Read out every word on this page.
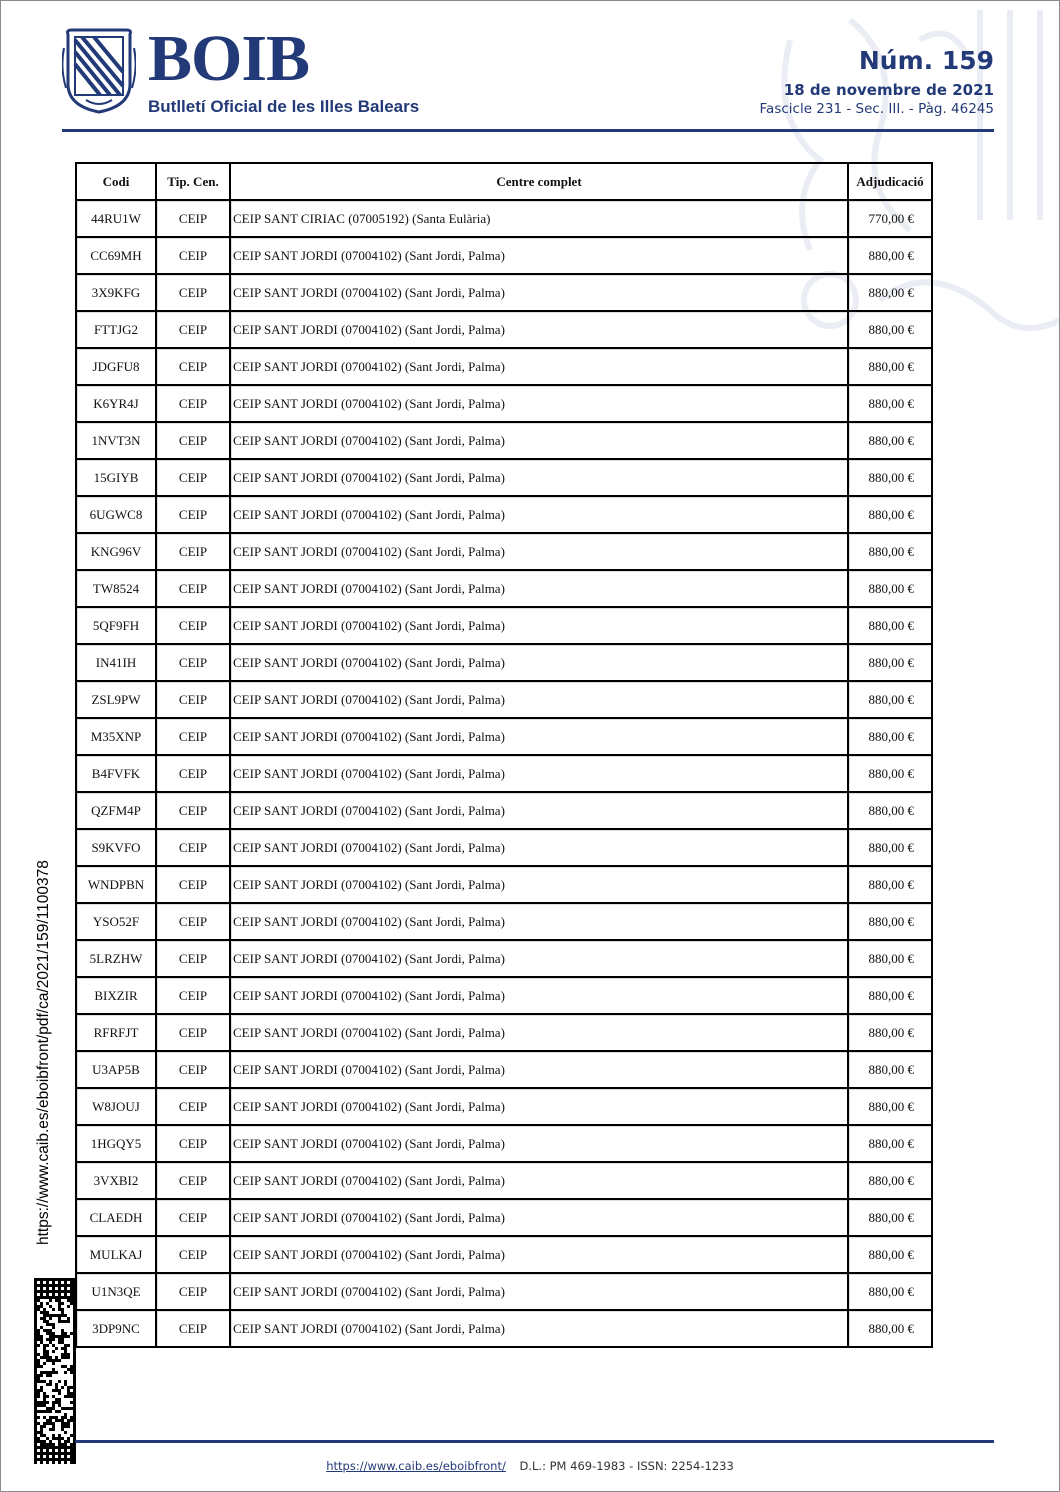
BOIB
Butlletí Oficial de les Illes Balears
Núm. 159
18 de novembre de 2021
Fascicle 231 - Sec. III. - Pàg. 46245
Codi	Tip. Cen.	Centre complet	Adjudicació
44RU1W	CEIP	CEIP SANT CIRIAC (07005192) (Santa Eulària)	770,00 €
CC69MH	CEIP	CEIP SANT JORDI (07004102) (Sant Jordi, Palma)	880,00 €
3X9KFG	CEIP	CEIP SANT JORDI (07004102) (Sant Jordi, Palma)	880,00 €
FTTJG2	CEIP	CEIP SANT JORDI (07004102) (Sant Jordi, Palma)	880,00 €
JDGFU8	CEIP	CEIP SANT JORDI (07004102) (Sant Jordi, Palma)	880,00 €
K6YR4J	CEIP	CEIP SANT JORDI (07004102) (Sant Jordi, Palma)	880,00 €
1NVT3N	CEIP	CEIP SANT JORDI (07004102) (Sant Jordi, Palma)	880,00 €
15GIYB	CEIP	CEIP SANT JORDI (07004102) (Sant Jordi, Palma)	880,00 €
6UGWC8	CEIP	CEIP SANT JORDI (07004102) (Sant Jordi, Palma)	880,00 €
KNG96V	CEIP	CEIP SANT JORDI (07004102) (Sant Jordi, Palma)	880,00 €
TW8524	CEIP	CEIP SANT JORDI (07004102) (Sant Jordi, Palma)	880,00 €
5QF9FH	CEIP	CEIP SANT JORDI (07004102) (Sant Jordi, Palma)	880,00 €
IN41IH	CEIP	CEIP SANT JORDI (07004102) (Sant Jordi, Palma)	880,00 €
ZSL9PW	CEIP	CEIP SANT JORDI (07004102) (Sant Jordi, Palma)	880,00 €
M35XNP	CEIP	CEIP SANT JORDI (07004102) (Sant Jordi, Palma)	880,00 €
B4FVFK	CEIP	CEIP SANT JORDI (07004102) (Sant Jordi, Palma)	880,00 €
QZFM4P	CEIP	CEIP SANT JORDI (07004102) (Sant Jordi, Palma)	880,00 €
S9KVFO	CEIP	CEIP SANT JORDI (07004102) (Sant Jordi, Palma)	880,00 €
WNDPBN	CEIP	CEIP SANT JORDI (07004102) (Sant Jordi, Palma)	880,00 €
YSO52F	CEIP	CEIP SANT JORDI (07004102) (Sant Jordi, Palma)	880,00 €
5LRZHW	CEIP	CEIP SANT JORDI (07004102) (Sant Jordi, Palma)	880,00 €
BIXZIR	CEIP	CEIP SANT JORDI (07004102) (Sant Jordi, Palma)	880,00 €
RFRFJT	CEIP	CEIP SANT JORDI (07004102) (Sant Jordi, Palma)	880,00 €
U3AP5B	CEIP	CEIP SANT JORDI (07004102) (Sant Jordi, Palma)	880,00 €
W8JOUJ	CEIP	CEIP SANT JORDI (07004102) (Sant Jordi, Palma)	880,00 €
1HGQY5	CEIP	CEIP SANT JORDI (07004102) (Sant Jordi, Palma)	880,00 €
3VXBI2	CEIP	CEIP SANT JORDI (07004102) (Sant Jordi, Palma)	880,00 €
CLAEDH	CEIP	CEIP SANT JORDI (07004102) (Sant Jordi, Palma)	880,00 €
MULKAJ	CEIP	CEIP SANT JORDI (07004102) (Sant Jordi, Palma)	880,00 €
U1N3QE	CEIP	CEIP SANT JORDI (07004102) (Sant Jordi, Palma)	880,00 €
3DP9NC	CEIP	CEIP SANT JORDI (07004102) (Sant Jordi, Palma)	880,00 €
https://www.caib.es/eboibfront/pdf/ca/2021/159/1100378
https://www.caib.es/eboibfront/ D.L.: PM 469-1983 - ISSN: 2254-1233
